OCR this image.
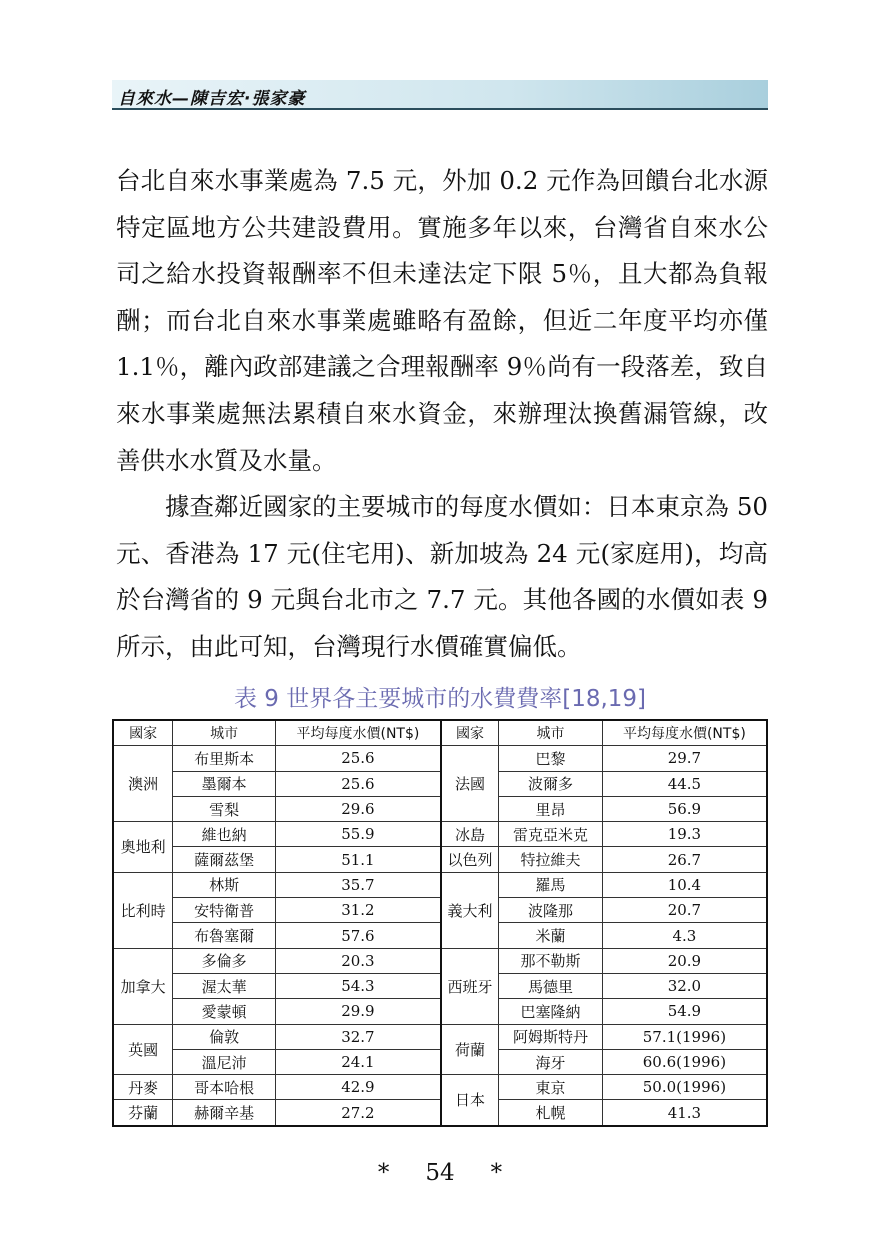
自來水—陳吉宏·張家豪

台北自來水事業處為 7.5 元，外加 0.2 元作為回饋台北水源特定區地方公共建設費用。實施多年以來，台灣省自來水公司之給水投資報酬率不但未達法定下限 5％，且大都為負報酬；而台北自來水事業處雖略有盈餘，但近二年度平均亦僅 1.1％，離內政部建議之合理報酬率 9％尚有一段落差，致自來水事業處無法累積自來水資金，來辦理汰換舊漏管線，改善供水水質及水量。

據查鄰近國家的主要城市的每度水價如：日本東京為 50 元、香港為 17 元(住宅用)、新加坡為 24 元(家庭用)，均高於台灣省的 9 元與台北市之 7.7 元。其他各國的水價如表 9 所示，由此可知，台灣現行水價確實偏低。

表 9 世界各主要城市的水費費率[18,19]
國家	城市	平均每度水價(NT$)	國家	城市	平均每度水價(NT$)
澳洲	布里斯本	25.6	法國	巴黎	29.7
	墨爾本	25.6		波爾多	44.5
	雪梨	29.6		里昂	56.9
奧地利	維也納	55.9	冰島	雷克亞米克	19.3
	薩爾茲堡	51.1	以色列	特拉維夫	26.7
比利時	林斯	35.7	義大利	羅馬	10.4
	安特衛普	31.2		波隆那	20.7
	布魯塞爾	57.6		米蘭	4.3
加拿大	多倫多	20.3	西班牙	那不勒斯	20.9
	渥太華	54.3		馬德里	32.0
	愛蒙頓	29.9		巴塞隆納	54.9
英國	倫敦	32.7	荷蘭	阿姆斯特丹	57.1(1996)
	溫尼沛	24.1		海牙	60.6(1996)
丹麥	哥本哈根	42.9	日本	東京	50.0(1996)
芬蘭	赫爾辛基	27.2		札幌	41.3
* 54 *
